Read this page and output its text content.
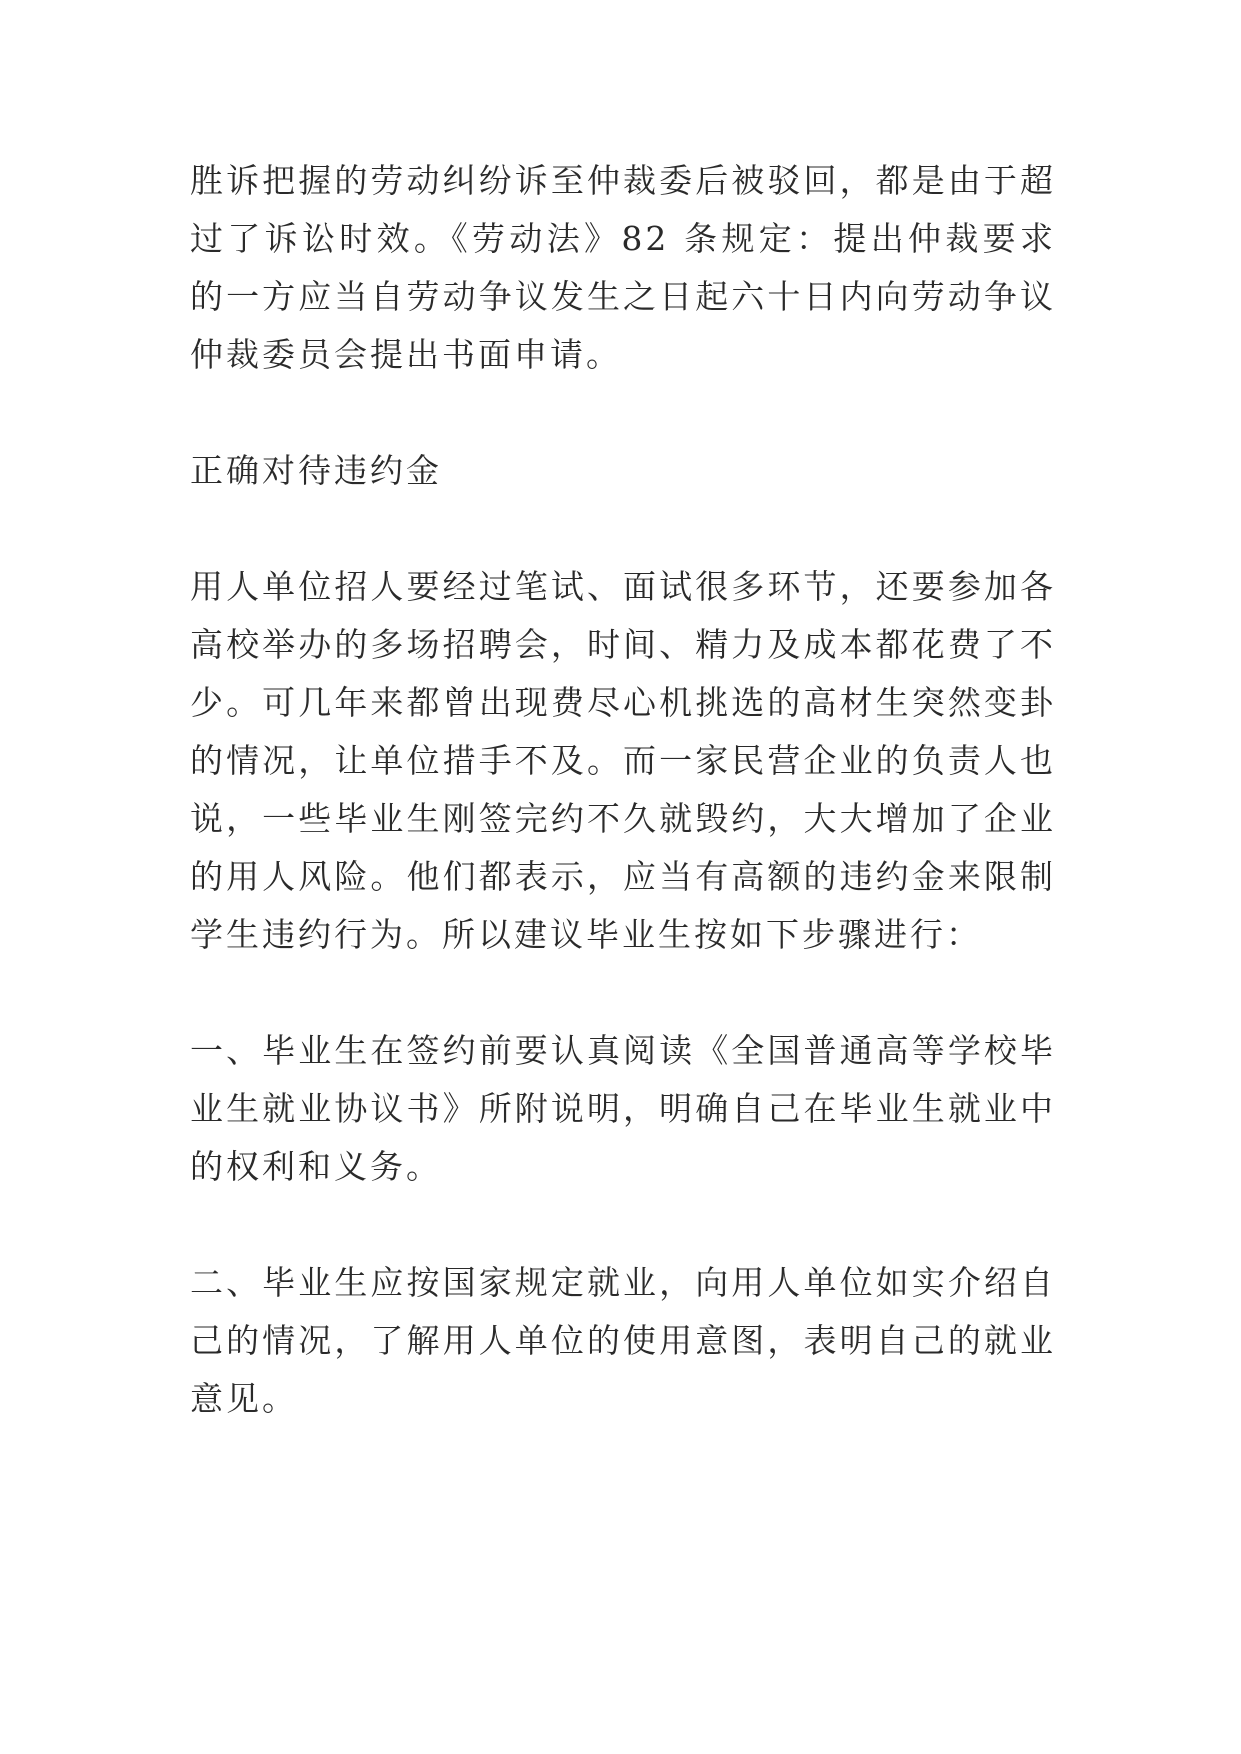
胜诉把握的劳动纠纷诉至仲裁委后被驳回，都是由于超过了诉讼时效。《劳动法》82 条规定：提出仲裁要求的一方应当自劳动争议发生之日起六十日内向劳动争议仲裁委员会提出书面申请。

正确对待违约金

用人单位招人要经过笔试、面试很多环节，还要参加各高校举办的多场招聘会，时间、精力及成本都花费了不少。可几年来都曾出现费尽心机挑选的高材生突然变卦的情况，让单位措手不及。而一家民营企业的负责人也说，一些毕业生刚签完约不久就毁约，大大增加了企业的用人风险。他们都表示，应当有高额的违约金来限制学生违约行为。所以建议毕业生按如下步骤进行：

一、毕业生在签约前要认真阅读《全国普通高等学校毕业生就业协议书》所附说明，明确自己在毕业生就业中的权利和义务。

二、毕业生应按国家规定就业，向用人单位如实介绍自己的情况，了解用人单位的使用意图，表明自己的就业意见。
